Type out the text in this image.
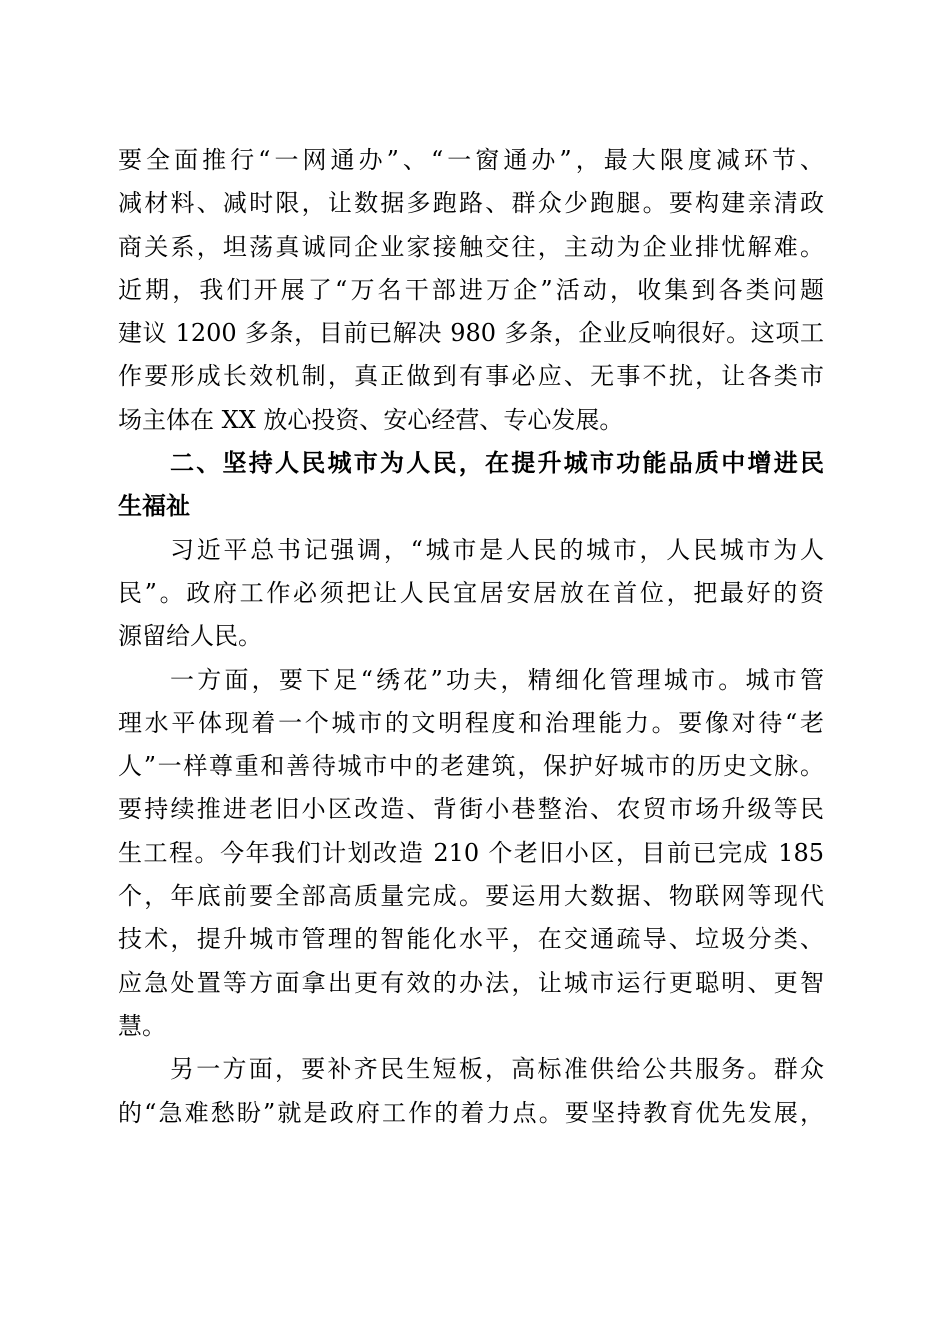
要全面推行“一网通办”、“一窗通办”，最大限度减环节、
减材料、减时限，让数据多跑路、群众少跑腿。要构建亲清政
商关系，坦荡真诚同企业家接触交往，主动为企业排忧解难。
近期，我们开展了“万名干部进万企”活动，收集到各类问题
建议 1200 多条，目前已解决 980 多条，企业反响很好。这项工
作要形成长效机制，真正做到有事必应、无事不扰，让各类市
场主体在 XX 放心投资、安心经营、专心发展。
二、坚持人民城市为人民，在提升城市功能品质中增进民
生福祉
习近平总书记强调，“城市是人民的城市，人民城市为人
民”。政府工作必须把让人民宜居安居放在首位，把最好的资
源留给人民。
一方面，要下足“绣花”功夫，精细化管理城市。城市管
理水平体现着一个城市的文明程度和治理能力。要像对待“老
人”一样尊重和善待城市中的老建筑，保护好城市的历史文脉。
要持续推进老旧小区改造、背街小巷整治、农贸市场升级等民
生工程。今年我们计划改造 210 个老旧小区，目前已完成 185
个，年底前要全部高质量完成。要运用大数据、物联网等现代
技术，提升城市管理的智能化水平，在交通疏导、垃圾分类、
应急处置等方面拿出更有效的办法，让城市运行更聪明、更智
慧。
另一方面，要补齐民生短板，高标准供给公共服务。群众
的“急难愁盼”就是政府工作的着力点。要坚持教育优先发展，
